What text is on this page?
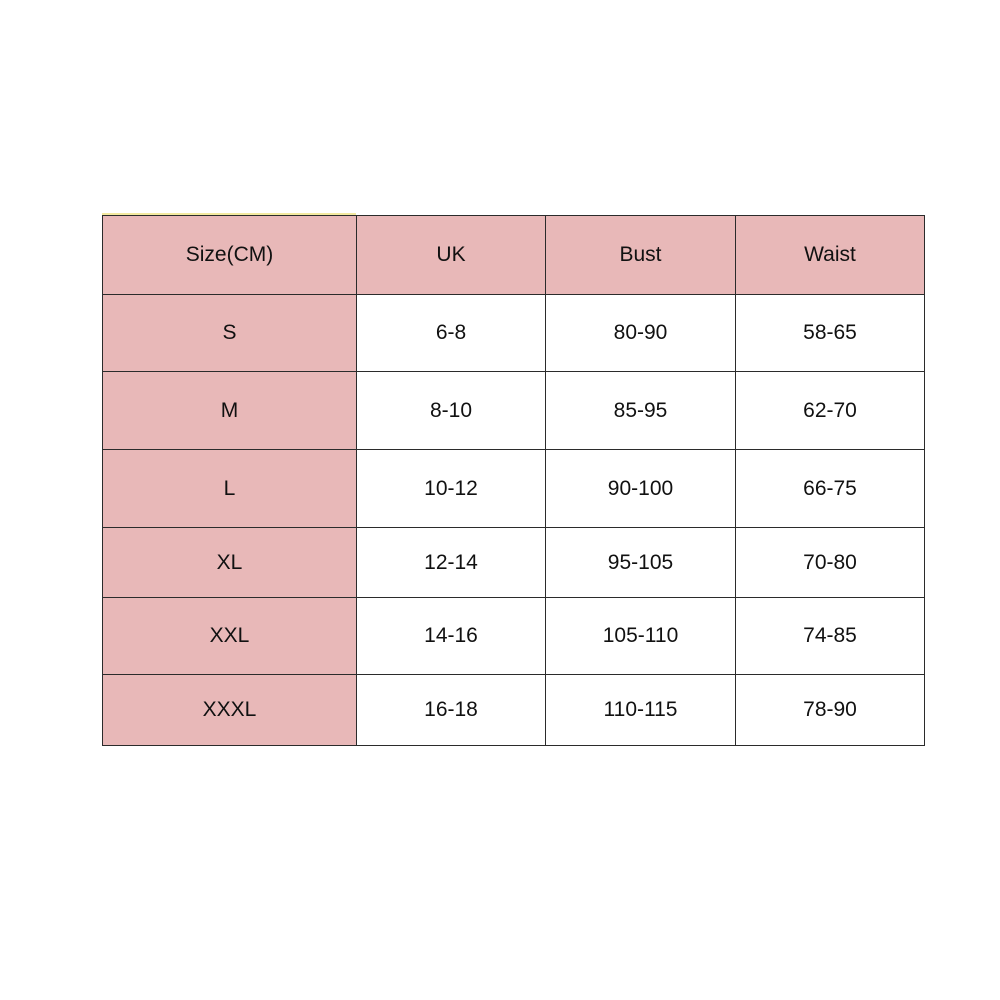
Size(CM)	UK	Bust	Waist
S	6-8	80-90	58-65
M	8-10	85-95	62-70
L	10-12	90-100	66-75
XL	12-14	95-105	70-80
XXL	14-16	105-110	74-85
XXXL	16-18	110-115	78-90
